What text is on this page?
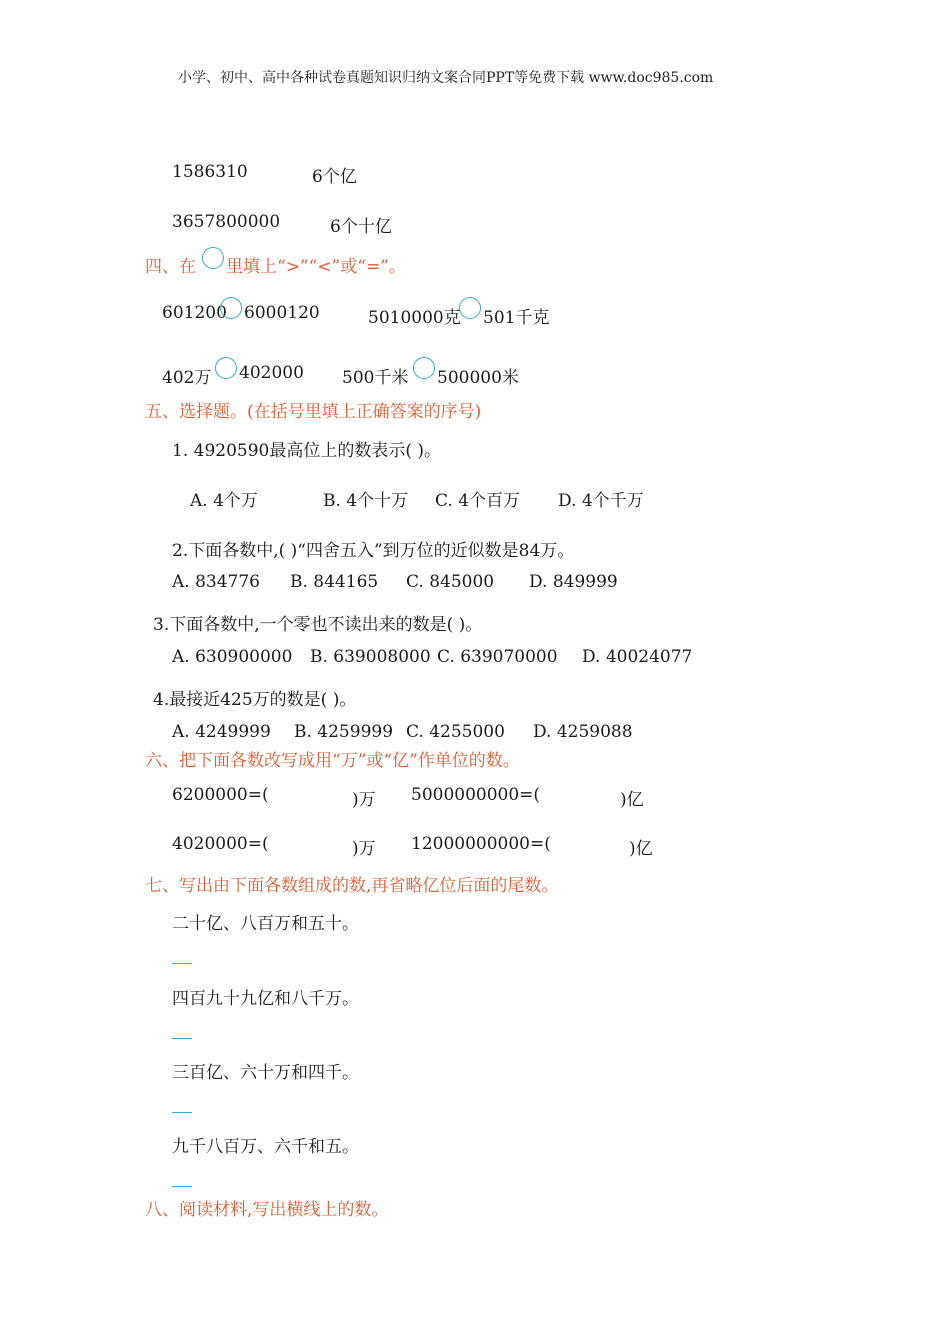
小学、初中、高中各种试卷真题知识归纳文案合同PPT等免费下载 www.doc985.com
1586310	6个亿
3657800000	6个十亿
四、在 里填上“>”“<”或“=”。
601200 6000120	5010000克 501千克
402万 402000 500千米 500000米
五、选择题。(在括号里填上正确答案的序号)
1. 4920590最高位上的数表示( )。
A. 4个万	B. 4个十万 C. 4个百万 D. 4个千万
2.下面各数中,( )“四舍五入”到万位的近似数是84万。
A. 834776 B. 844165 C. 845000 D. 849999
3.下面各数中,一个零也不读出来的数是( )。
A. 630900000 B. 639008000 C. 639070000 D. 40024077
4.最接近425万的数是( )。
A. 4249999 B. 4259999 C. 4255000 D. 4259088
六、把下面各数改写成用“万”或“亿”作单位的数。
6200000=(	)万 5000000000=(	)亿
4020000=(	)万 12000000000=(	)亿
七、写出由下面各数组成的数,再省略亿位后面的尾数。
二十亿、八百万和五十。
四百九十九亿和八千万。
三百亿、六十万和四千。
九千八百万、六千和五。
八、阅读材料,写出横线上的数。
